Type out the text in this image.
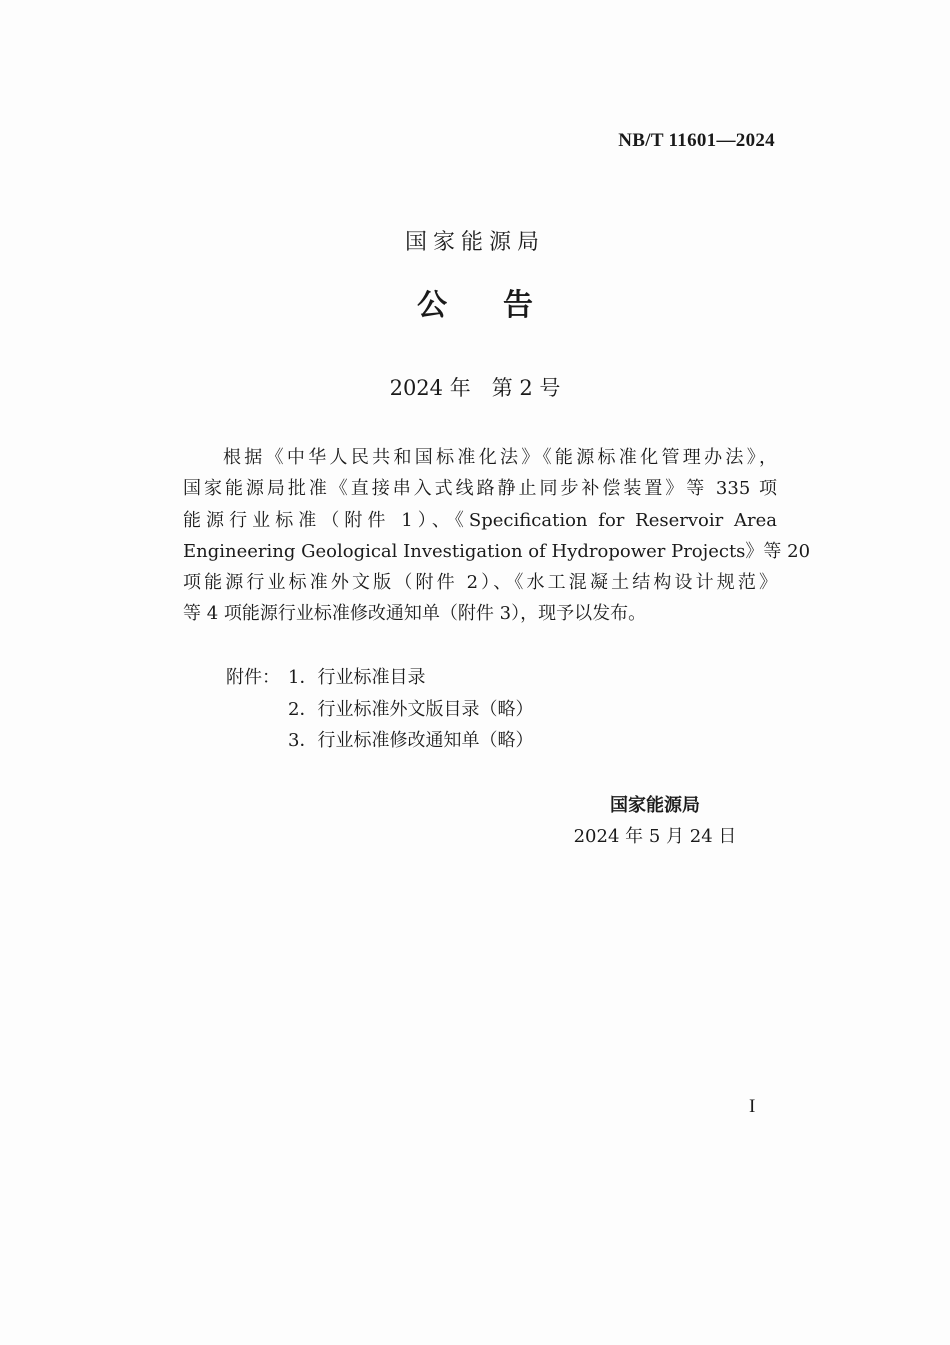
NB/T 11601—2024
国家能源局
公告
2024 年　第 2 号
根据《中华人民共和国标准化法》《能源标准化管理办法》，
国家能源局批准《直接串入式线路静止同步补偿装置》等 335 项
能源行业标准（附件 1）、《Specification for Reservoir Area
Engineering Geological Investigation of Hydropower Projects》等 20
项能源行业标准外文版（附件 2）、《水工混凝土结构设计规范》
等 4 项能源行业标准修改通知单（附件 3），现予以发布。
附件： 1．行业标准目录
2．行业标准外文版目录（略）
3．行业标准修改通知单（略）
国家能源局
2024 年 5 月 24 日
I
